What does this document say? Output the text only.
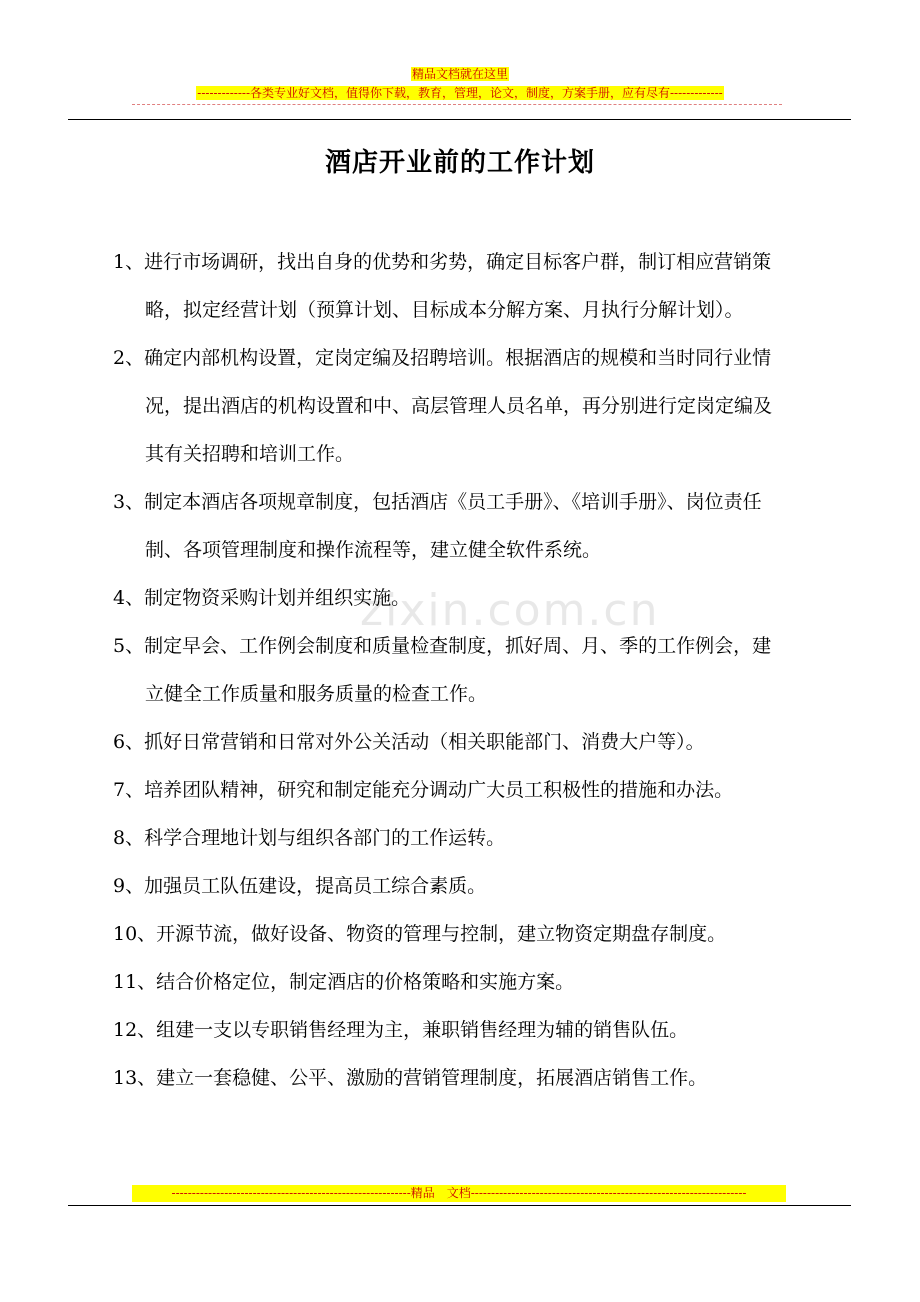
精品文档就在这里
-------------各类专业好文档，值得你下载，教育，管理，论文，制度，方案手册，应有尽有-------------
酒店开业前的工作计划
zixin.com.cn
1、进行市场调研，找出自身的优势和劣势，确定目标客户群，制订相应营销策
略，拟定经营计划（预算计划、目标成本分解方案、月执行分解计划）。
2、确定内部机构设置，定岗定编及招聘培训。根据酒店的规模和当时同行业情
况，提出酒店的机构设置和中、高层管理人员名单，再分别进行定岗定编及
其有关招聘和培训工作。
3、制定本酒店各项规章制度，包括酒店《员工手册》、《培训手册》、岗位责任
制、各项管理制度和操作流程等，建立健全软件系统。
4、制定物资采购计划并组织实施。
5、制定早会、工作例会制度和质量检查制度，抓好周、月、季的工作例会，建
立健全工作质量和服务质量的检查工作。
6、抓好日常营销和日常对外公关活动（相关职能部门、消费大户等）。
7、培养团队精神，研究和制定能充分调动广大员工积极性的措施和办法。
8、科学合理地计划与组织各部门的工作运转。
9、加强员工队伍建设，提高员工综合素质。
10、开源节流，做好设备、物资的管理与控制，建立物资定期盘存制度。
11、结合价格定位，制定酒店的价格策略和实施方案。
12、组建一支以专职销售经理为主，兼职销售经理为辅的销售队伍。
13、建立一套稳健、公平、激励的营销管理制度，拓展酒店销售工作。
-----------------------------------------------------------精品　文档--------------------------------------------------------------------
